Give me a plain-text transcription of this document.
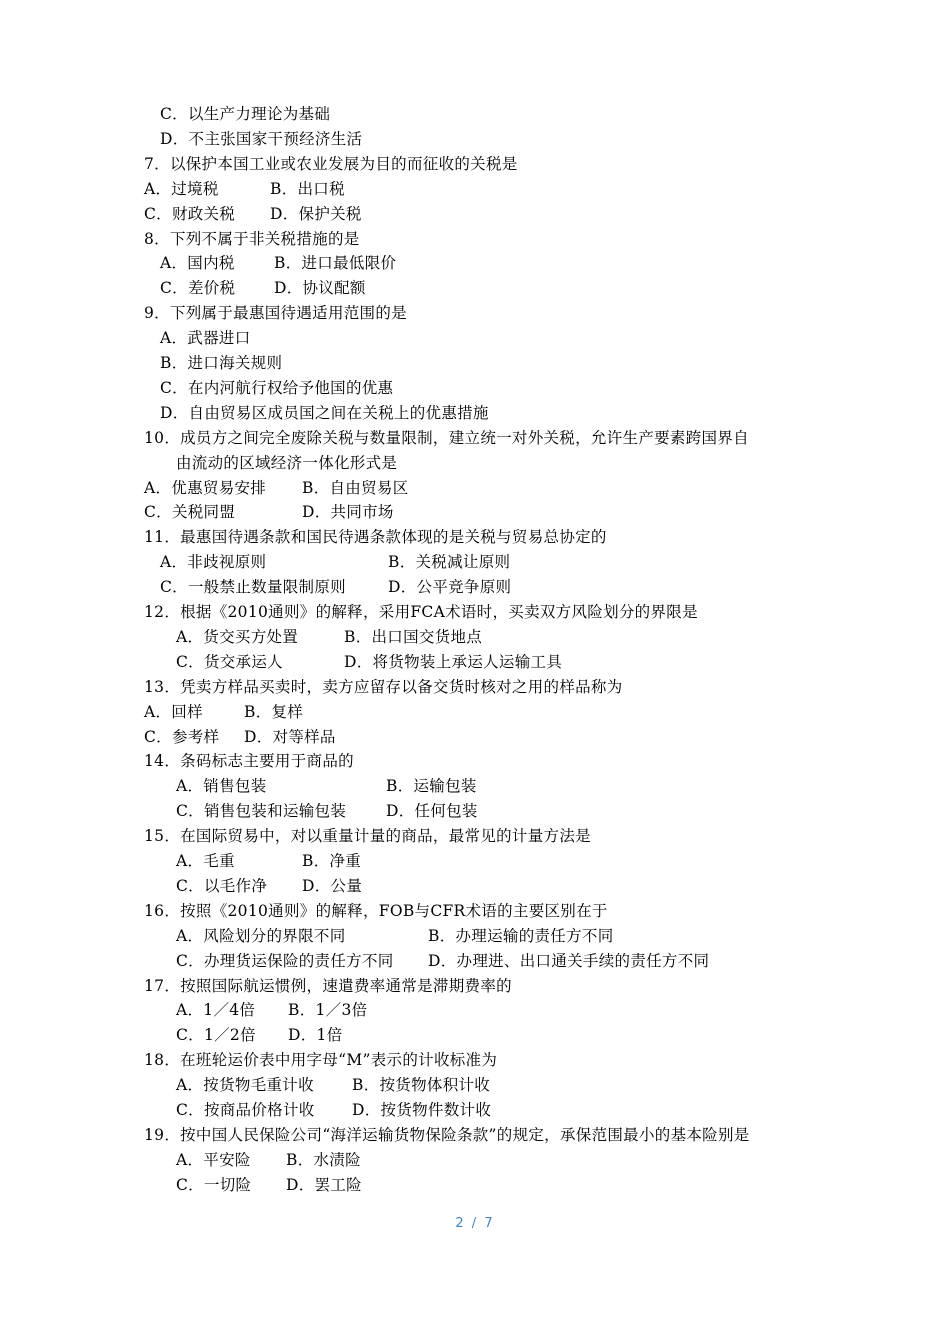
C．以生产力理论为基础
D．不主张国家干预经济生活
7．以保护本国工业或农业发展为目的而征收的关税是
A．过境税	B．出口税
C．财政关税 D．保护关税
8．下列不属于非关税措施的是
A．国内税	B．进口最低限价
C．差价税 D．协议配额
9．下列属于最惠国待遇适用范围的是
A．武器进口
B．进口海关规则
C．在内河航行权给予他国的优惠
D．自由贸易区成员国之间在关税上的优惠措施
10．成员方之间完全废除关税与数量限制，建立统一对外关税，允许生产要素跨国界自
由流动的区域经济一体化形式是
A．优惠贸易安排 B．自由贸易区
C．关税同盟	D．共同市场
11．最惠国待遇条款和国民待遇条款体现的是关税与贸易总协定的
A．非歧视原则	B．关税减让原则
C．一般禁止数量限制原则	D．公平竞争原则
12．根据《2010通则》的解释，采用FCA术语时，买卖双方风险划分的界限是
A．货交买方处置	B．出口国交货地点
C．货交承运人	D．将货物装上承运人运输工具
13．凭卖方样品买卖时，卖方应留存以备交货时核对之用的样品称为
A．回样	B．复样
C．参考样 D．对等样品
14．条码标志主要用于商品的
A．销售包装	B．运输包装
C．销售包装和运输包装	D．任何包装
15．在国际贸易中，对以重量计量的商品，最常见的计量方法是
A．毛重	B．净重
C．以毛作净 D．公量
16．按照《2010通则》的解释，FOB与CFR术语的主要区别在于
A．风险划分的界限不同	B．办理运输的责任方不同
C．办理货运保险的责任方不同 D．办理进、出口通关手续的责任方不同
17．按照国际航运惯例，速遣费率通常是滞期费率的
A．1／4倍 B．1／3倍
C．1／2倍 D．1倍
18．在班轮运价表中用字母“M”表示的计收标准为
A．按货物毛重计收 B．按货物体积计收
C．按商品价格计收 D．按货物件数计收
19．按中国人民保险公司“海洋运输货物保险条款”的规定，承保范围最小的基本险别是
A．平安险 B．水渍险
C．一切险 D．罢工险
2 / 7
